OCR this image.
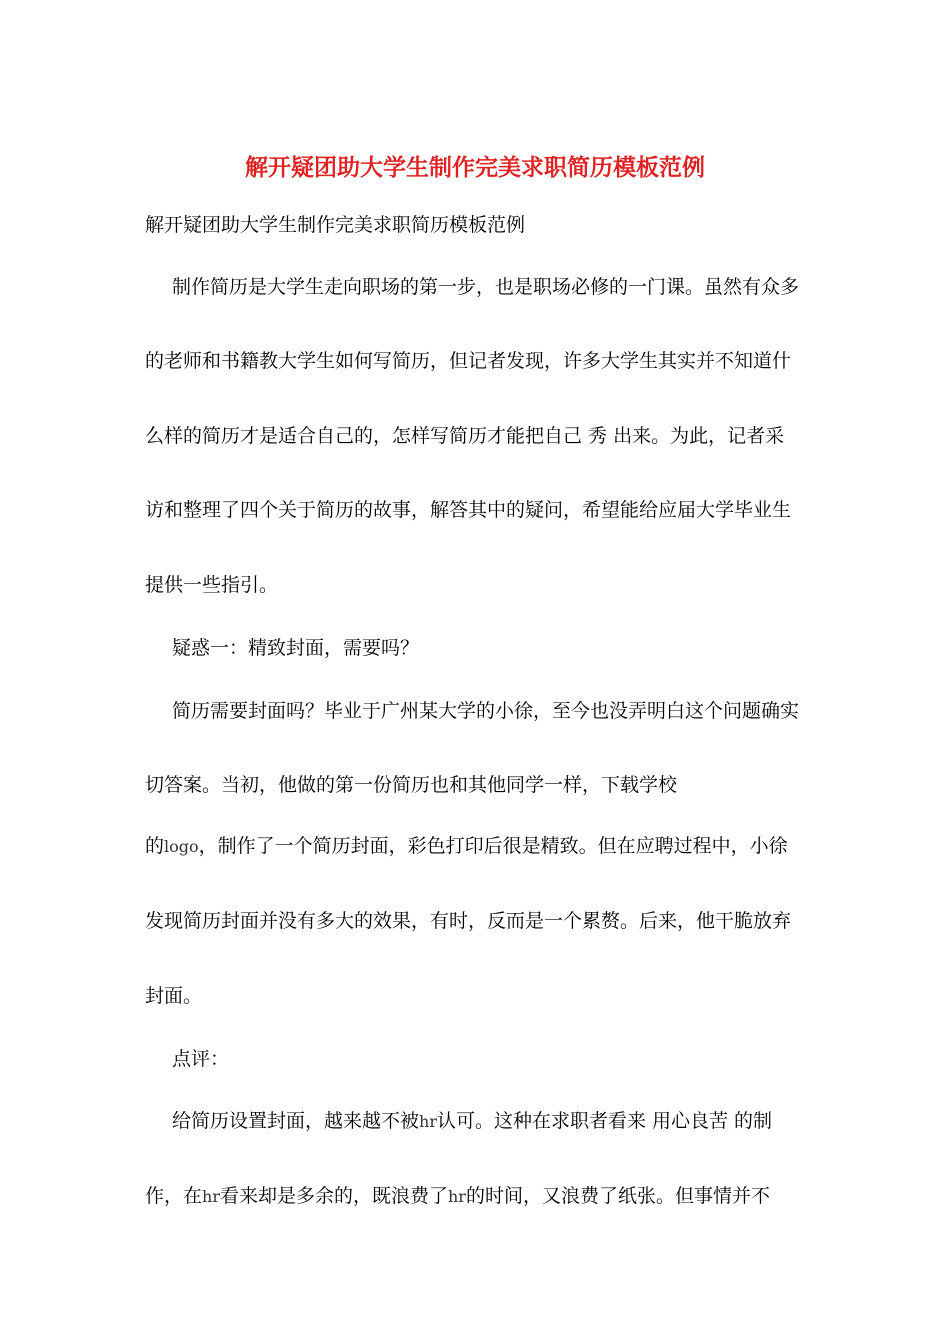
解开疑团助大学生制作完美求职简历模板范例
解开疑团助大学生制作完美求职简历模板范例
制作简历是大学生走向职场的第一步，也是职场必修的一门课。虽然有众多
的老师和书籍教大学生如何写简历，但记者发现，许多大学生其实并不知道什
么样的简历才是适合自己的，怎样写简历才能把自己 秀 出来。为此，记者采
访和整理了四个关于简历的故事，解答其中的疑问，希望能给应届大学毕业生
提供一些指引。
疑惑一：精致封面，需要吗？
简历需要封面吗？毕业于广州某大学的小徐，至今也没弄明白这个问题确实
切答案。当初，他做的第一份简历也和其他同学一样，下载学校
的logo，制作了一个简历封面，彩色打印后很是精致。但在应聘过程中，小徐
发现简历封面并没有多大的效果，有时，反而是一个累赘。后来，他干脆放弃
封面。
点评：
给简历设置封面，越来越不被hr认可。这种在求职者看来 用心良苦 的制
作，在hr看来却是多余的，既浪费了hr的时间，又浪费了纸张。但事情并不
